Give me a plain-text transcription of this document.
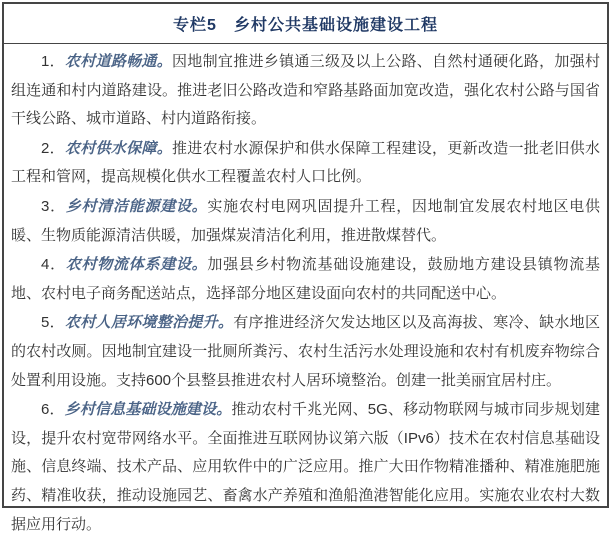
专栏5　乡村公共基础设施建设工程

1．农村道路畅通。因地制宜推进乡镇通三级及以上公路、自然村通硬化路，加强村组连通和村内道路建设。推进老旧公路改造和窄路基路面加宽改造，强化农村公路与国省干线公路、城市道路、村内道路衔接。

2．农村供水保障。推进农村水源保护和供水保障工程建设，更新改造一批老旧供水工程和管网，提高规模化供水工程覆盖农村人口比例。

3．乡村清洁能源建设。实施农村电网巩固提升工程，因地制宜发展农村地区电供暖、生物质能源清洁供暖，加强煤炭清洁化利用，推进散煤替代。

4．农村物流体系建设。加强县乡村物流基础设施建设，鼓励地方建设县镇物流基地、农村电子商务配送站点，选择部分地区建设面向农村的共同配送中心。

5．农村人居环境整治提升。有序推进经济欠发达地区以及高海拔、寒冷、缺水地区的农村改厕。因地制宜建设一批厕所粪污、农村生活污水处理设施和农村有机废弃物综合处置利用设施。支持600个县整县推进农村人居环境整治。创建一批美丽宜居村庄。

6．乡村信息基础设施建设。推动农村千兆光网、5G、移动物联网与城市同步规划建设，提升农村宽带网络水平。全面推进互联网协议第六版（IPv6）技术在农村信息基础设施、信息终端、技术产品、应用软件中的广泛应用。推广大田作物精准播种、精准施肥施药、精准收获，推动设施园艺、畜禽水产养殖和渔船渔港智能化应用。实施农业农村大数据应用行动。
